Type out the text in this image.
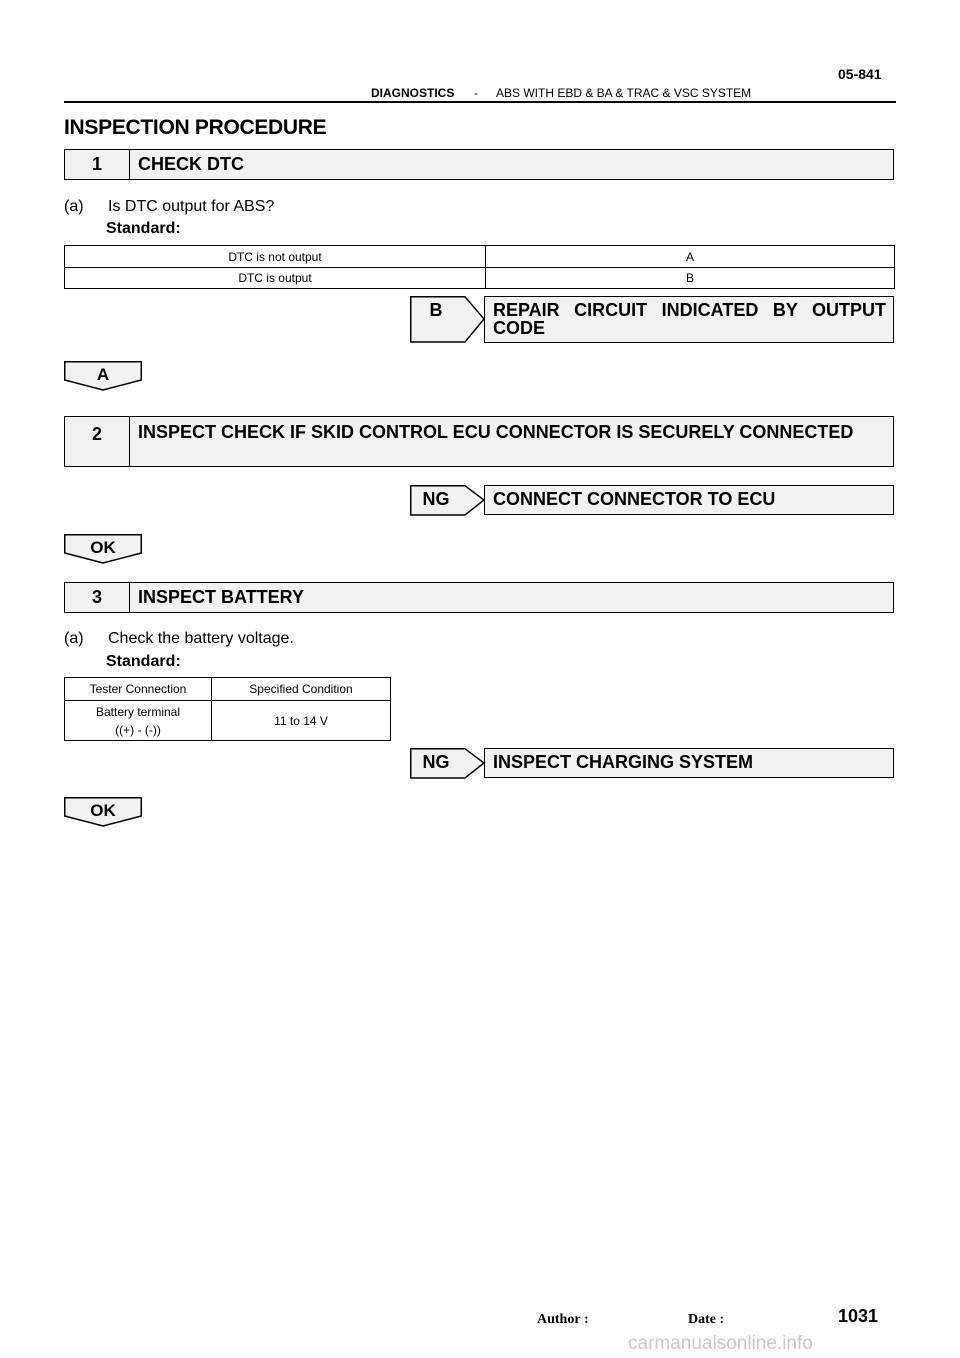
05-841
DIAGNOSTICS - ABS WITH EBD & BA & TRAC & VSC SYSTEM
INSPECTION PROCEDURE
1	CHECK DTC
(a) Is DTC output for ABS?
Standard:
DTC is not output	A
DTC is output	B
B	REPAIR CIRCUIT INDICATED BY OUTPUT CODE
A
2	INSPECT CHECK IF SKID CONTROL ECU CONNECTOR IS SECURELY CONNECTED
NG	CONNECT CONNECTOR TO ECU
OK
3	INSPECT BATTERY
(a) Check the battery voltage.
Standard:
Tester Connection	Specified Condition

Battery terminal
((+) - (-))	11 to 14 V
NG	INSPECT CHARGING SYSTEM
OK
1031
Author :	Date :
carmanualsonline.info
